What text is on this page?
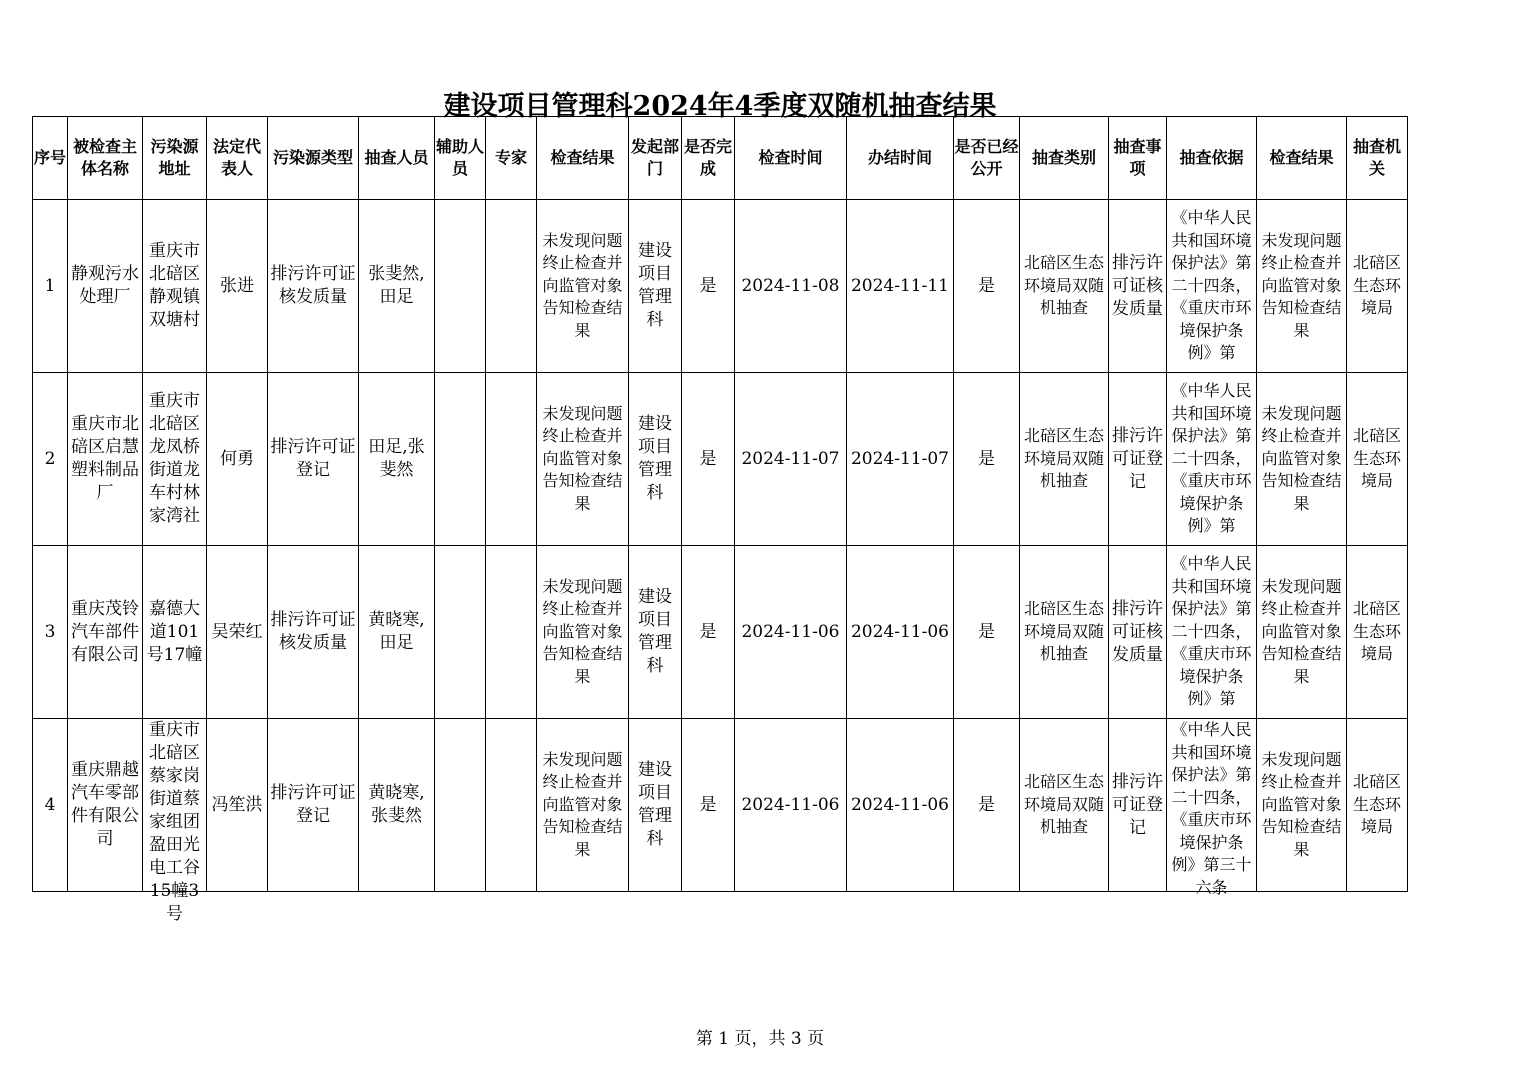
建设项目管理科2024年4季度双随机抽查结果
序号	被检查主体名称	污染源地址	法定代表人	污染源类型	抽查人员	辅助人员	专家	检查结果	发起部门	是否完成	检查时间	办结时间	是否已经公开	抽查类别	抽查事项	抽查依据	检查结果	抽查机关

1	静观污水处理厂	重庆市北碚区静观镇双塘村	张进	排污许可证核发质量	张斐然,田足			未发现问题终止检查并向监管对象告知检查结果	建设项目管理科	是	2024-11-08	2024-11-11	是	北碚区生态环境局双随机抽查	排污许可证核发质量	《中华人民共和国环境保护法》第二十四条，《重庆市环境保护条例》第	未发现问题终止检查并向监管对象告知检查结果	北碚区生态环境局

2	重庆市北碚区启慧塑料制品厂	重庆市北碚区龙凤桥街道龙车村林家湾社	何勇	排污许可证登记	田足,张斐然			未发现问题终止检查并向监管对象告知检查结果	建设项目管理科	是	2024-11-07	2024-11-07	是	北碚区生态环境局双随机抽查	排污许可证登记	《中华人民共和国环境保护法》第二十四条，《重庆市环境保护条例》第	未发现问题终止检查并向监管对象告知检查结果	北碚区生态环境局

3	重庆茂铃汽车部件有限公司	嘉德大道101号17幢	吴荣红	排污许可证核发质量	黄晓寒,田足			未发现问题终止检查并向监管对象告知检查结果	建设项目管理科	是	2024-11-06	2024-11-06	是	北碚区生态环境局双随机抽查	排污许可证核发质量	《中华人民共和国环境保护法》第二十四条，《重庆市环境保护条例》第	未发现问题终止检查并向监管对象告知检查结果	北碚区生态环境局

4	重庆鼎越汽车零部件有限公司	重庆市北碚区蔡家岗街道蔡家组团盈田光电工谷15幢3号	冯笙洪	排污许可证登记	黄晓寒,张斐然			未发现问题终止检查并向监管对象告知检查结果	建设项目管理科	是	2024-11-06	2024-11-06	是	北碚区生态环境局双随机抽查	排污许可证登记	《中华人民共和国环境保护法》第二十四条，《重庆市环境保护条例》第三十六条	未发现问题终止检查并向监管对象告知检查结果	北碚区生态环境局
第 1 页，共 3 页
